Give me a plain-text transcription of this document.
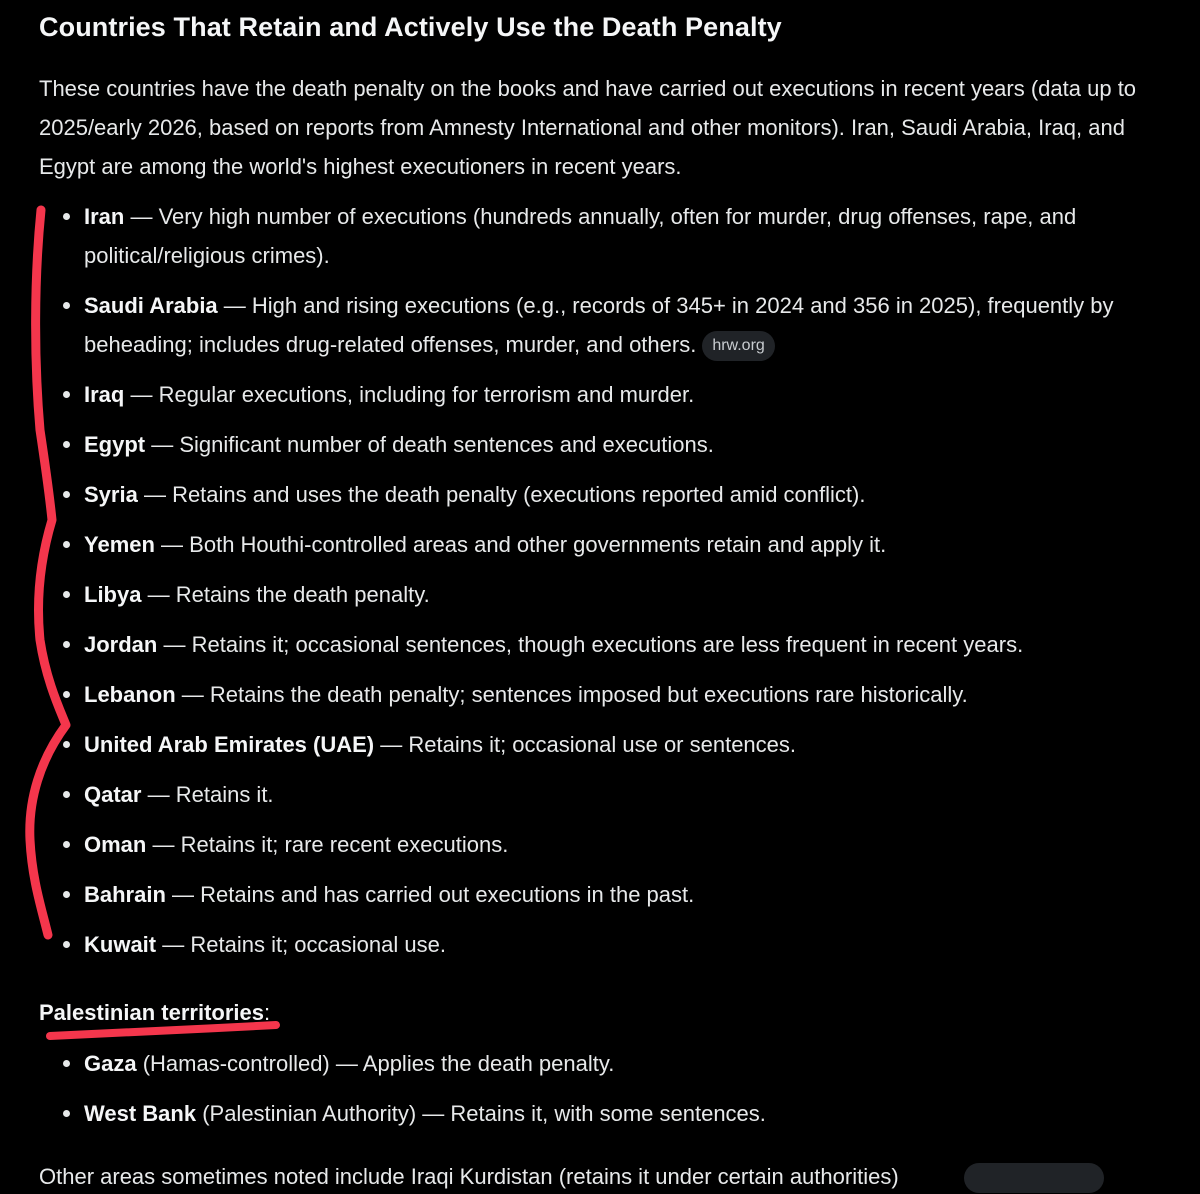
Countries That Retain and Actively Use the Death Penalty

These countries have the death penalty on the books and have carried out executions in recent years (data up to 2025/early 2026, based on reports from Amnesty International and other monitors). Iran, Saudi Arabia, Iraq, and Egypt are among the world's highest executioners in recent years.

Iran — Very high number of executions (hundreds annually, often for murder, drug offenses, rape, and political/religious crimes).
Saudi Arabia — High and rising executions (e.g., records of 345+ in 2024 and 356 in 2025), frequently by beheading; includes drug-related offenses, murder, and others. hrw.org
Iraq — Regular executions, including for terrorism and murder.
Egypt — Significant number of death sentences and executions.
Syria — Retains and uses the death penalty (executions reported amid conflict).
Yemen — Both Houthi-controlled areas and other governments retain and apply it.
Libya — Retains the death penalty.
Jordan — Retains it; occasional sentences, though executions are less frequent in recent years.
Lebanon — Retains the death penalty; sentences imposed but executions rare historically.
United Arab Emirates (UAE) — Retains it; occasional use or sentences.
Qatar — Retains it.
Oman — Retains it; rare recent executions.
Bahrain — Retains and has carried out executions in the past.
Kuwait — Retains it; occasional use.
Palestinian territories:
Gaza (Hamas-controlled) — Applies the death penalty.
West Bank (Palestinian Authority) — Retains it, with some sentences.
Other areas sometimes noted include Iraqi Kurdistan (retains it under certain authorities)
